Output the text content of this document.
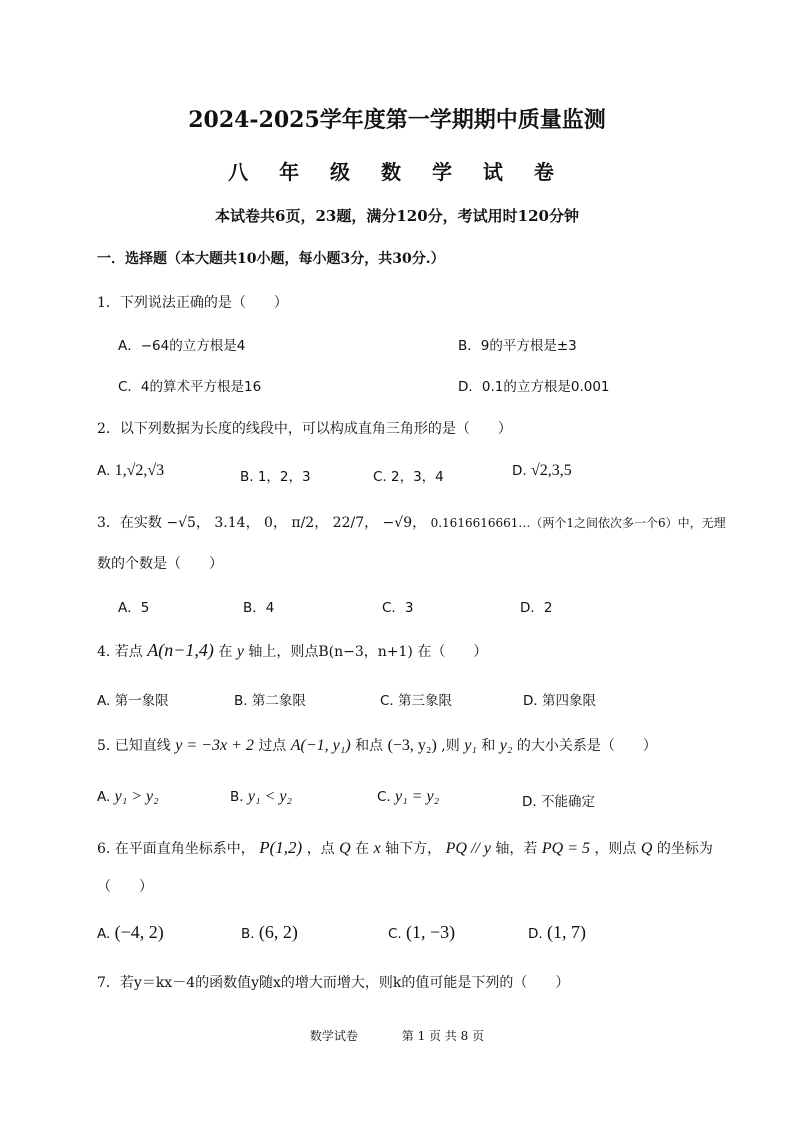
2024-2025学年度第一学期期中质量监测
八 年 级 数 学 试 卷
本试卷共6页，23题，满分120分，考试用时120分钟
一．选择题（本大题共10小题，每小题3分，共30分.）
1．下列说法正确的是（　　）
A．−64的立方根是4	B．9的平方根是±3
C．4的算术平方根是16	D．0.1的立方根是0.001
2．以下列数据为长度的线段中，可以构成直角三角形的是（　　）
A. 1,√2,√3	B. 1，2，3	C. 2，3，4	D. √2,3,5
3．在实数 −√5， 3.14， 0， π/2， 22/7， −√9， 0.1616616661…（两个1之间依次多一个6）中，无理
数的个数是（　　）
A．5	B．4	C．3	D．2
4. 若点 A(n−1,4) 在 y 轴上，则点B(n−3，n+1) 在（　　）
A. 第一象限	B. 第二象限	C. 第三象限	D. 第四象限
5. 已知直线 y = −3x + 2 过点 A(−1, y₁) 和点 (−3, y₂) ,则 y₁ 和 y₂ 的大小关系是（　　）
A. y₁ > y₂	B. y₁ < y₂	C. y₁ = y₂	D. 不能确定
6. 在平面直角坐标系中， P(1,2) ，点 Q 在 x 轴下方， PQ // y 轴，若 PQ = 5 ，则点 Q 的坐标为
（　　）
A. (−4, 2)	B. (6, 2)	C. (1, −3)	D. (1, 7)
7．若y＝kx－4的函数值y随x的增大而增大，则k的值可能是下列的（　　）
数学试卷	第 1 页 共 8 页
